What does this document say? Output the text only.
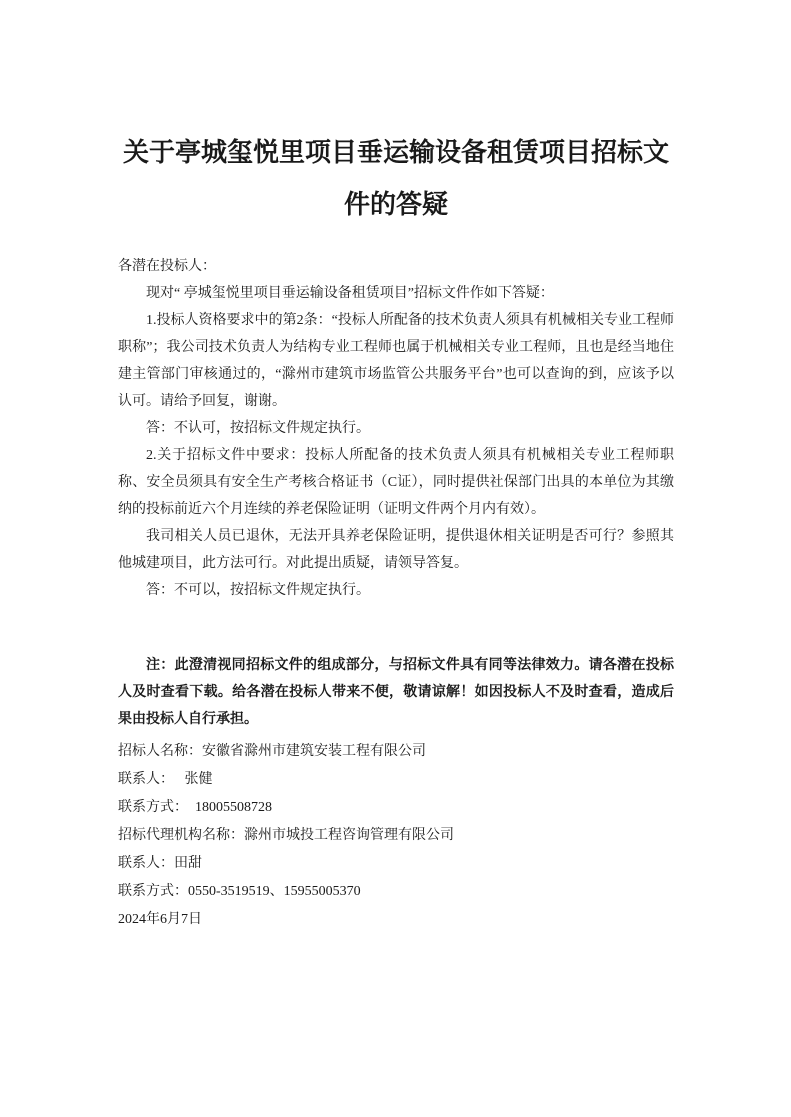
关于亭城玺悦里项目垂运输设备租赁项目招标文件的答疑

各潜在投标人：

现对“ 亭城玺悦里项目垂运输设备租赁项目”招标文件作如下答疑：

1.投标人资格要求中的第2条：“投标人所配备的技术负责人须具有机械相关专业工程师职称”；我公司技术负责人为结构专业工程师也属于机械相关专业工程师，且也是经当地住建主管部门审核通过的，“滁州市建筑市场监管公共服务平台”也可以查询的到，应该予以认可。请给予回复，谢谢。

答：不认可，按招标文件规定执行。

2.关于招标文件中要求：投标人所配备的技术负责人须具有机械相关专业工程师职称、安全员须具有安全生产考核合格证书（C证），同时提供社保部门出具的本单位为其缴纳的投标前近六个月连续的养老保险证明（证明文件两个月内有效）。

我司相关人员已退休，无法开具养老保险证明，提供退休相关证明是否可行？参照其他城建项目，此方法可行。对此提出质疑，请领导答复。

答：不可以，按招标文件规定执行。

注：此澄清视同招标文件的组成部分，与招标文件具有同等法律效力。请各潜在投标人及时查看下载。给各潜在投标人带来不便，敬请谅解！如因投标人不及时查看，造成后果由投标人自行承担。

招标人名称：安徽省滁州市建筑安装工程有限公司

联系人：   张健

联系方式：  18005508728

招标代理机构名称：滁州市城投工程咨询管理有限公司

联系人：田甜

联系方式：0550-3519519、15955005370

2024年6月7日
